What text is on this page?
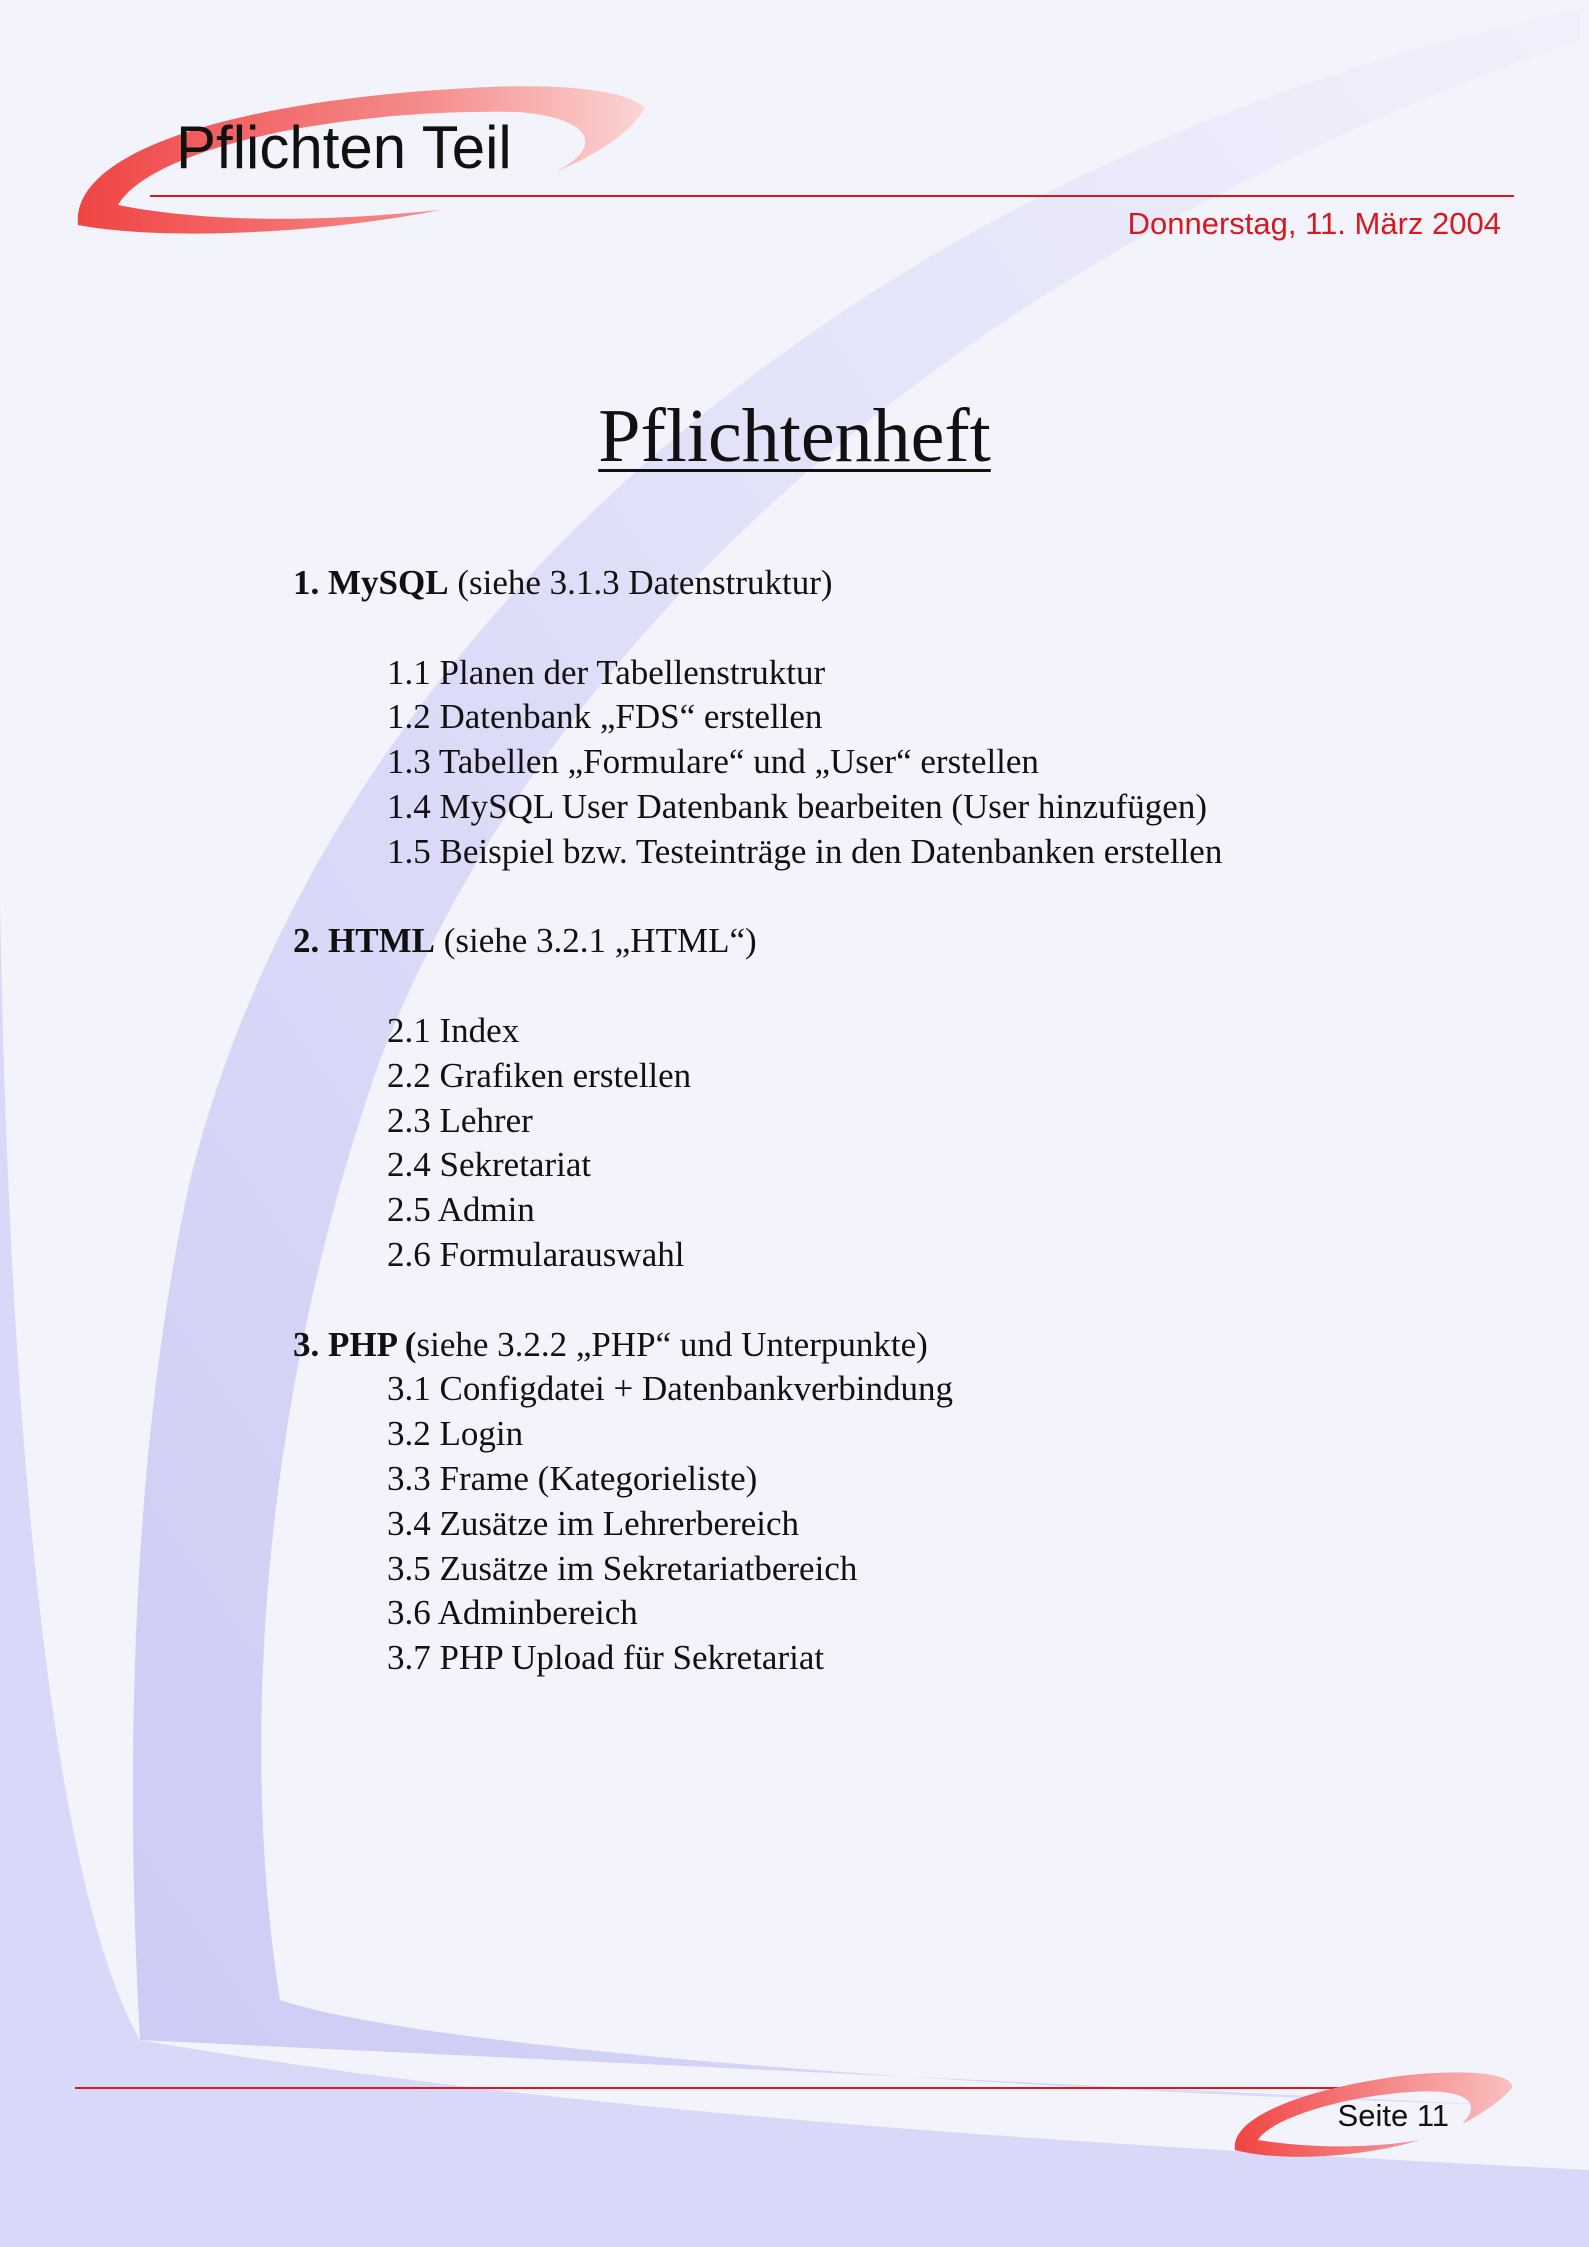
Pflichten Teil
Donnerstag, 11. März 2004
Pflichtenheft
1. MySQL (siehe 3.1.3 Datenstruktur)
1.1 Planen der Tabellenstruktur
1.2 Datenbank „FDS“ erstellen
1.3 Tabellen „Formulare“ und „User“ erstellen
1.4 MySQL User Datenbank bearbeiten (User hinzufügen)
1.5 Beispiel bzw. Testeinträge in den Datenbanken erstellen
2. HTML (siehe 3.2.1 „HTML“)
2.1 Index
2.2 Grafiken erstellen
2.3 Lehrer
2.4 Sekretariat
2.5 Admin
2.6 Formularauswahl
3. PHP (siehe 3.2.2 „PHP“ und Unterpunkte)
3.1 Configdatei + Datenbankverbindung
3.2 Login
3.3 Frame (Kategorieliste)
3.4 Zusätze im Lehrerbereich
3.5 Zusätze im Sekretariatbereich
3.6 Adminbereich
3.7 PHP Upload für Sekretariat
Seite 11
